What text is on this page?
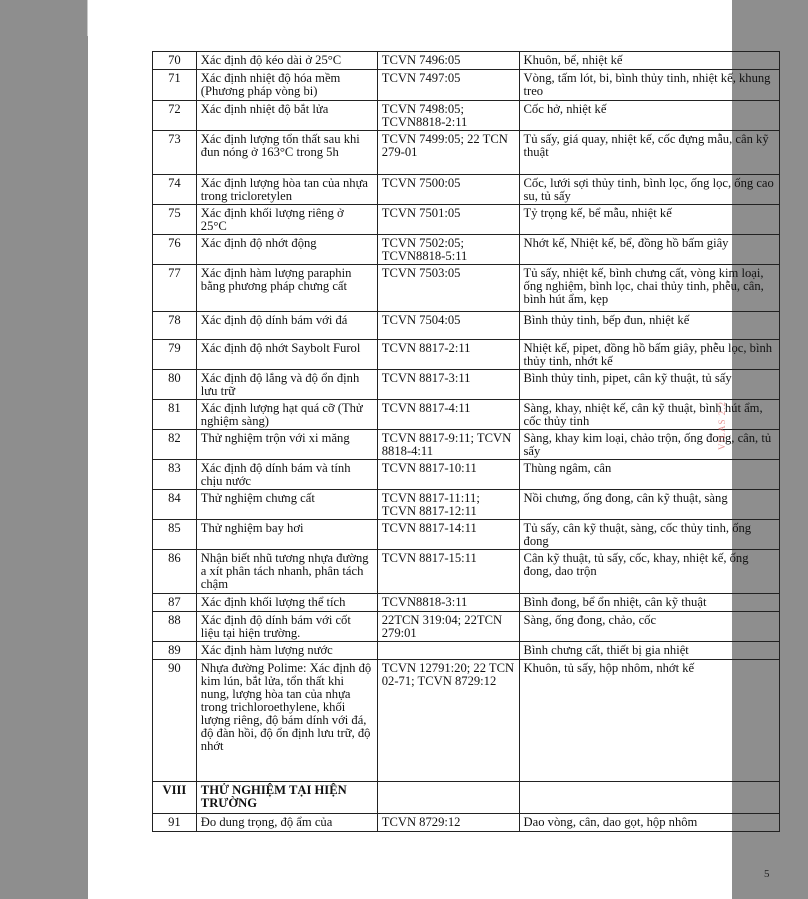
70	Xác định độ kéo dài ở 25°C	TCVN 7496:05	Khuôn, bể, nhiệt kế
71	Xác định nhiệt độ hóa mềm (Phương pháp vòng bi)	TCVN 7497:05	Vòng, tấm lót, bi, bình thủy tinh, nhiệt kế, khung treo
72	Xác định nhiệt độ bắt lửa	TCVN 7498:05; TCVN8818-2:11	Cốc hở, nhiệt kế
73	Xác định lượng tổn thất sau khi đun nóng ở 163°C trong 5h	TCVN 7499:05; 22 TCN 279-01	Tủ sấy, giá quay, nhiệt kế, cốc đựng mẫu, cân kỹ thuật
74	Xác định lượng hòa tan của nhựa trong tricloretylen	TCVN 7500:05	Cốc, lưới sợi thủy tinh, bình lọc, ống lọc, ống cao su, tủ sấy
75	Xác định khối lượng riêng ở 25°C	TCVN 7501:05	Tỷ trọng kế, bể mẫu, nhiệt kế
76	Xác định độ nhớt động	TCVN 7502:05; TCVN8818-5:11	Nhớt kế, Nhiệt kế, bể, đồng hồ bấm giây
77	Xác định hàm lượng paraphin bằng phương pháp chưng cất	TCVN 7503:05	Tủ sấy, nhiệt kế, bình chưng cất, vòng kim loại, ống nghiệm, bình lọc, chai thủy tinh, phễu, cân, bình hút ẩm, kẹp
78	Xác định độ dính bám với đá	TCVN 7504:05	Bình thủy tinh, bếp đun, nhiệt kế
79	Xác định độ nhớt Saybolt Furol	TCVN 8817-2:11	Nhiệt kế, pipet, đồng hồ bấm giây, phễu lọc, bình thủy tinh, nhớt kế
80	Xác định độ lắng và độ ổn định lưu trữ	TCVN 8817-3:11	Bình thủy tinh, pipet, cân kỹ thuật, tủ sấy
81	Xác định lượng hạt quá cỡ (Thử nghiệm sàng)	TCVN 8817-4:11	Sàng, khay, nhiệt kế, cân kỹ thuật, bình hút ẩm, cốc thủy tinh
82	Thử nghiệm trộn với xi măng	TCVN 8817-9:11; TCVN 8818-4:11	Sàng, khay kim loại, chảo trộn, ống đong, cân, tủ sấy
83	Xác định độ dính bám và tính chịu nước	TCVN 8817-10:11	Thùng ngâm, cân
84	Thử nghiệm chưng cất	TCVN 8817-11:11; TCVN 8817-12:11	Nồi chưng, ống đong, cân kỹ thuật, sàng
85	Thử nghiệm bay hơi	TCVN 8817-14:11	Tủ sấy, cân kỹ thuật, sàng, cốc thủy tinh, ống đong
86	Nhận biết nhũ tương nhựa đường a xít phân tách nhanh, phân tách chậm	TCVN 8817-15:11	Cân kỹ thuật, tủ sấy, cốc, khay, nhiệt kế, ống đong, dao trộn
87	Xác định khối lượng thể tích	TCVN8818-3:11	Bình đong, bể ổn nhiệt, cân kỹ thuật
88	Xác định độ dính bám với cốt liệu tại hiện trường.	22TCN 319:04; 22TCN 279:01	Sàng, ống đong, chảo, cốc
89	Xác định hàm lượng nước		Bình chưng cất, thiết bị gia nhiệt
90	Nhựa đường Polime: Xác định độ kim lún, bắt lửa, tổn thất khi nung, lượng hòa tan của nhựa trong trichloroethylene, khối lượng riêng, độ bám dính với đá, độ đàn hồi, độ ổn định lưu trữ, độ nhớt	TCVN 12791:20; 22 TCN 02-71; TCVN 8729:12	Khuôn, tủ sấy, hộp nhôm, nhớt kế
VIII	THỬ NGHIỆM TẠI HIỆN TRƯỜNG		
91	Đo dung trọng, độ ẩm của	TCVN 8729:12	Dao vòng, cân, dao gọt, hộp nhôm
5
VILAS 2.2
